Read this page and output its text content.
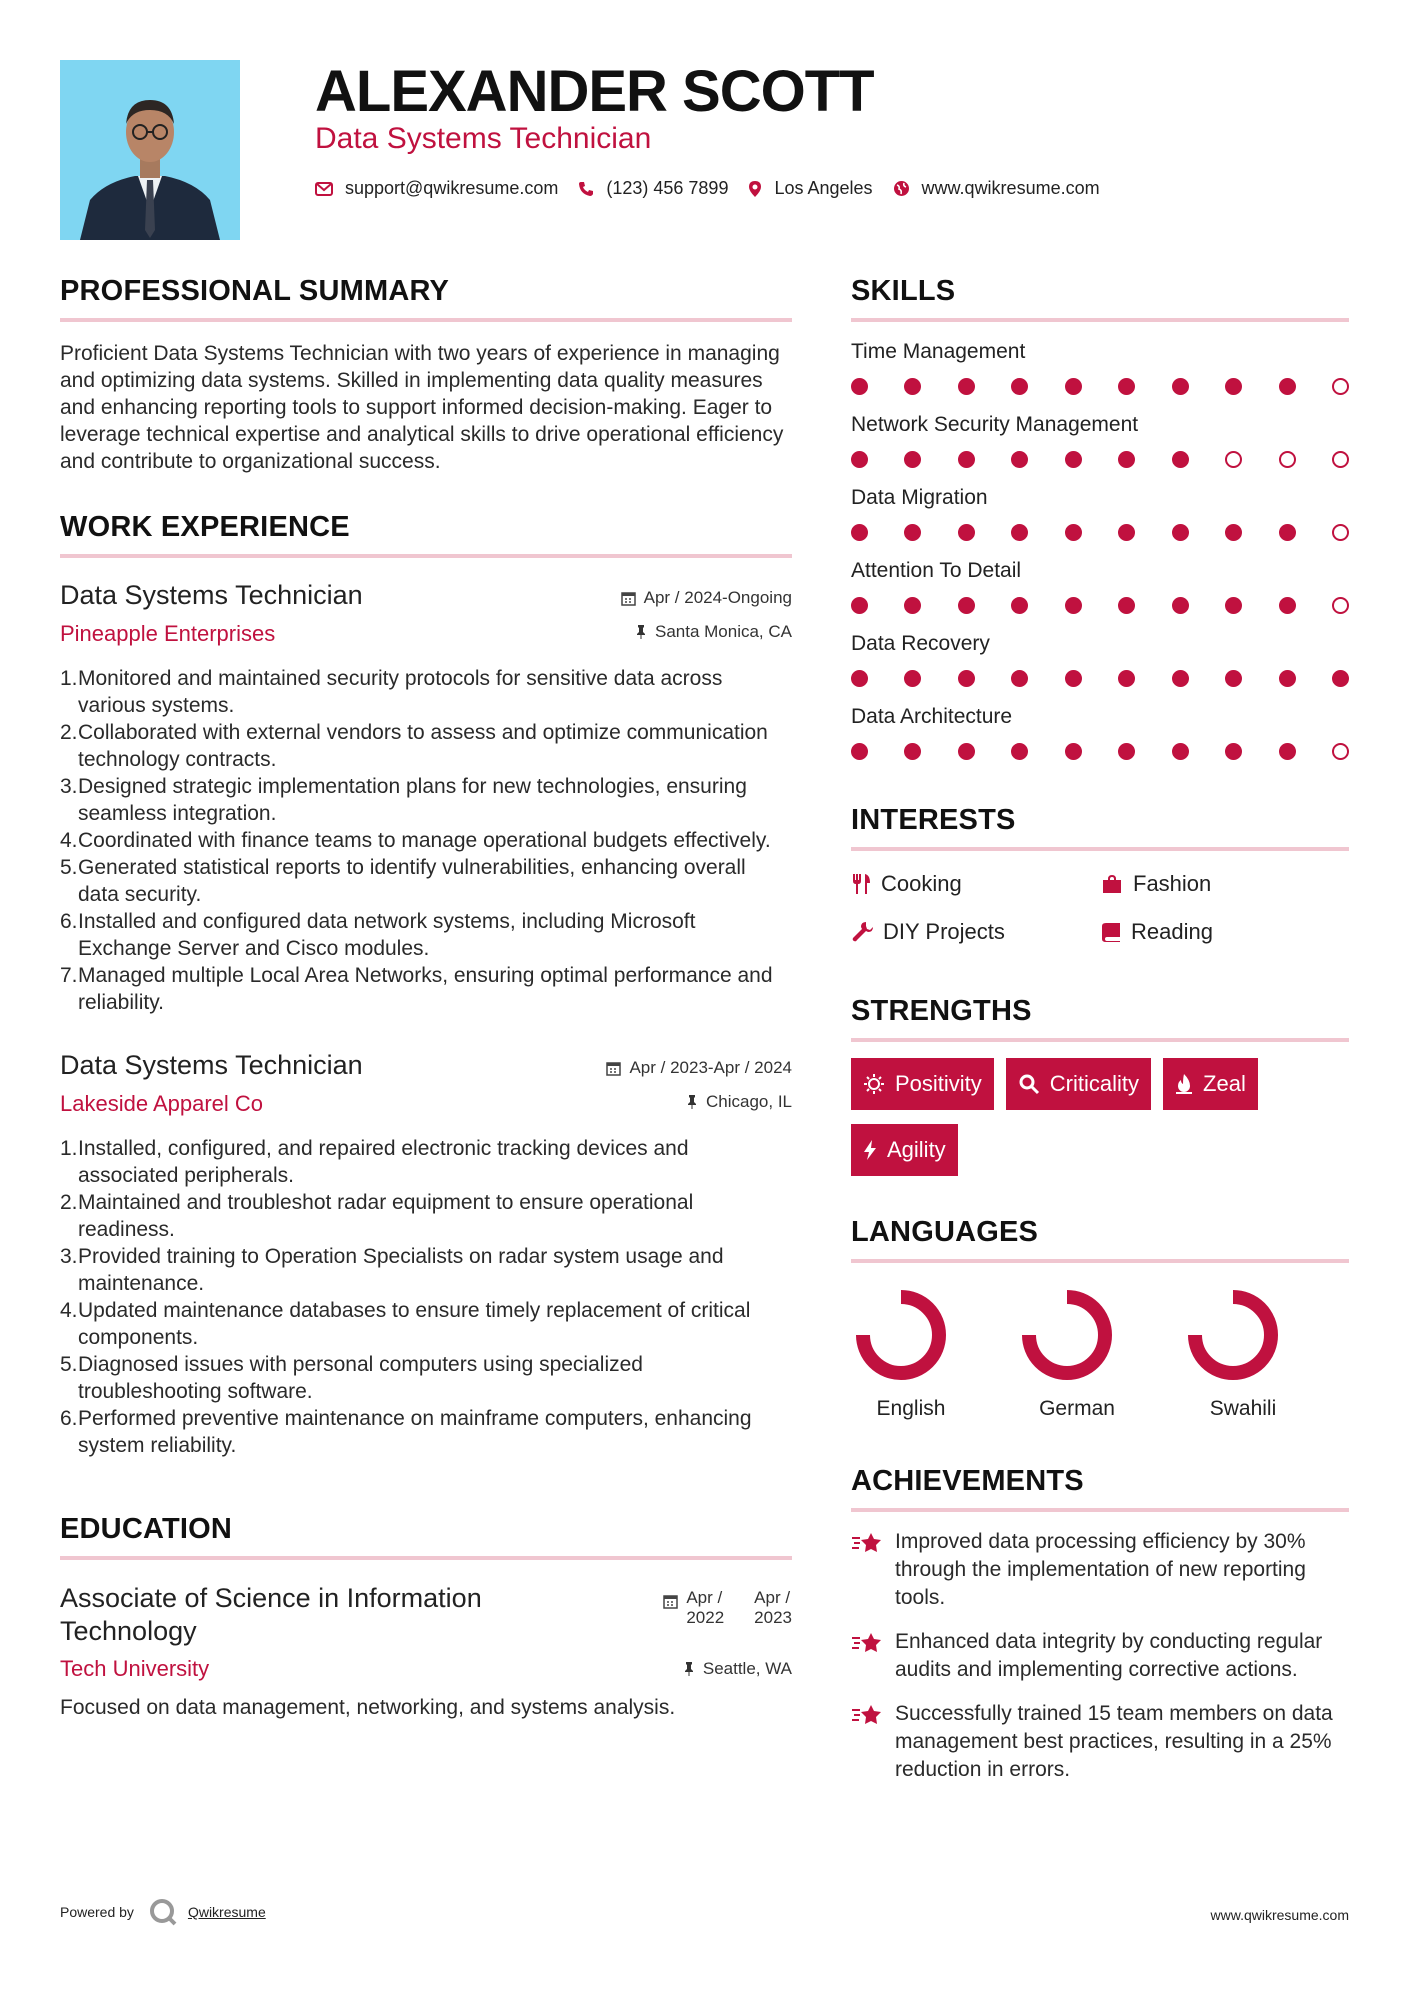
ALEXANDER SCOTT
Data Systems Technician
support@qwikresume.com	(123) 456 7899	Los Angeles	www.qwikresume.com
PROFESSIONAL SUMMARY

Proficient Data Systems Technician with two years of experience in managing and optimizing data systems. Skilled in implementing data quality measures and enhancing reporting tools to support informed decision-making. Eager to leverage technical expertise and analytical skills to drive operational efficiency and contribute to organizational success.

WORK EXPERIENCE
Data Systems Technician
Pineapple Enterprises
Apr / 2024-Ongoing
Santa Monica, CA
1. Monitored and maintained security protocols for sensitive data across various systems.
2. Collaborated with external vendors to assess and optimize communication technology contracts.
3. Designed strategic implementation plans for new technologies, ensuring seamless integration.
4. Coordinated with finance teams to manage operational budgets effectively.
5. Generated statistical reports to identify vulnerabilities, enhancing overall data security.
6. Installed and configured data network systems, including Microsoft Exchange Server and Cisco modules.
7. Managed multiple Local Area Networks, ensuring optimal performance and reliability.
Data Systems Technician
Lakeside Apparel Co
Apr / 2023-Apr / 2024
Chicago, IL
1. Installed, configured, and repaired electronic tracking devices and associated peripherals.
2. Maintained and troubleshot radar equipment to ensure operational readiness.
3. Provided training to Operation Specialists on radar system usage and maintenance.
4. Updated maintenance databases to ensure timely replacement of critical components.
5. Diagnosed issues with personal computers using specialized troubleshooting software.
6. Performed preventive maintenance on mainframe computers, enhancing system reliability.
EDUCATION
Associate of Science in Information Technology
Apr /
2022
Apr /
2023
Tech University	Seattle, WA
Focused on data management, networking, and systems analysis.
SKILLS
Time Management
Network Security Management
Data Migration
Attention To Detail
Data Recovery
Data Architecture
INTERESTS
Cooking	Fashion
DIY Projects	Reading
STRENGTHS
Positivity	Criticality	Zeal
Agility
LANGUAGES
English	German	Swahili
ACHIEVEMENTS
Improved data processing efficiency by 30% through the implementation of new reporting tools.
Enhanced data integrity by conducting regular audits and implementing corrective actions.
Successfully trained 15 team members on data management best practices, resulting in a 25% reduction in errors.
Powered by	Qwikresume	www.qwikresume.com
